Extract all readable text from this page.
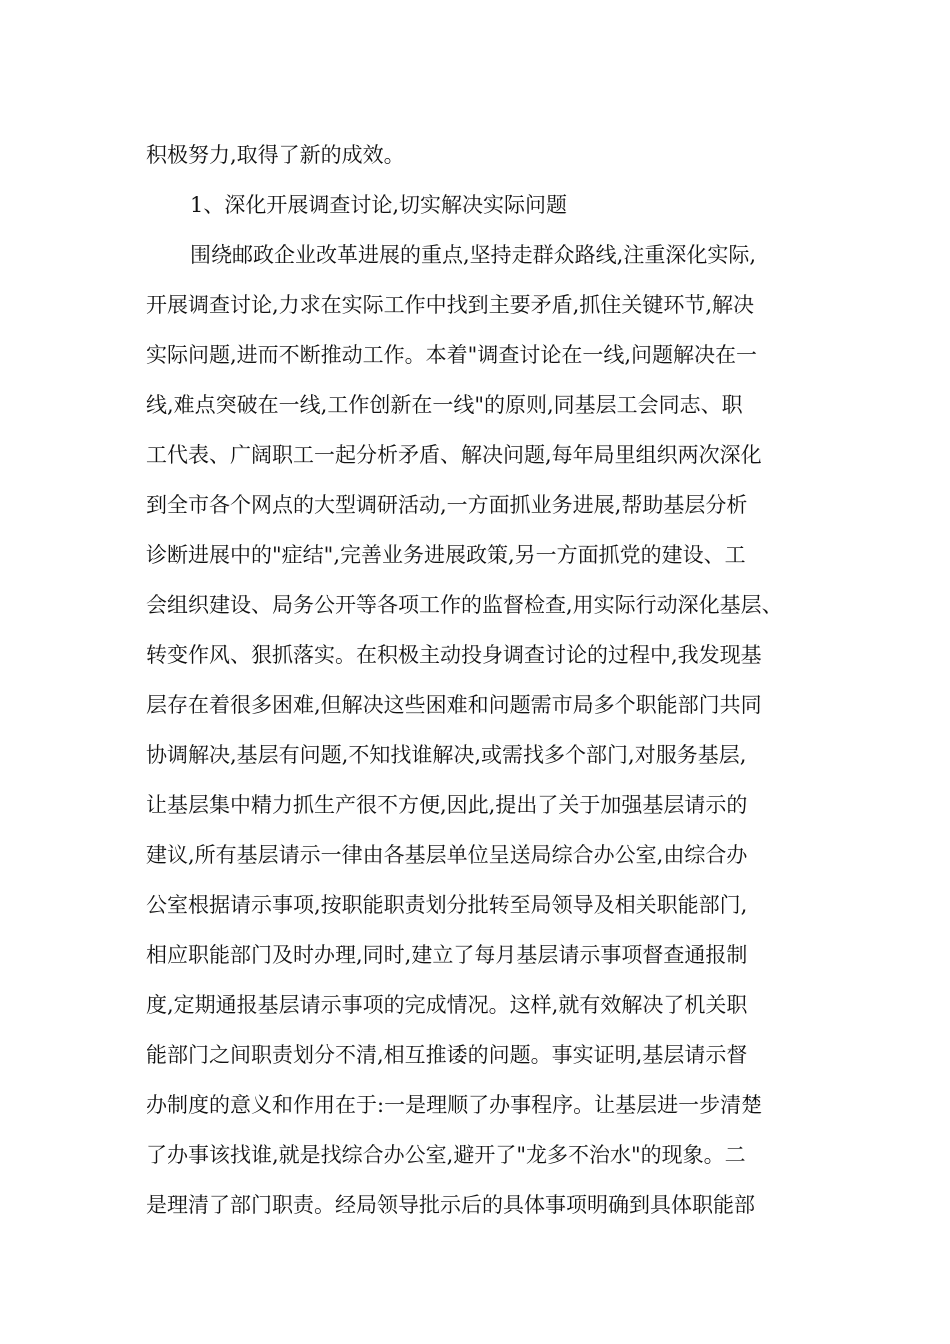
积极努力,取得了新的成效。
1、深化开展调查讨论,切实解决实际问题
围绕邮政企业改革进展的重点,坚持走群众路线,注重深化实际,
开展调查讨论,力求在实际工作中找到主要矛盾,抓住关键环节,解决
实际问题,进而不断推动工作。本着"调查讨论在一线,问题解决在一
线,难点突破在一线,工作创新在一线"的原则,同基层工会同志、职
工代表、广阔职工一起分析矛盾、解决问题,每年局里组织两次深化
到全市各个网点的大型调研活动,一方面抓业务进展,帮助基层分析
诊断进展中的"症结",完善业务进展政策,另一方面抓党的建设、工
会组织建设、局务公开等各项工作的监督检查,用实际行动深化基层、
转变作风、狠抓落实。在积极主动投身调查讨论的过程中,我发现基
层存在着很多困难,但解决这些困难和问题需市局多个职能部门共同
协调解决,基层有问题,不知找谁解决,或需找多个部门,对服务基层,
让基层集中精力抓生产很不方便,因此,提出了关于加强基层请示的
建议,所有基层请示一律由各基层单位呈送局综合办公室,由综合办
公室根据请示事项,按职能职责划分批转至局领导及相关职能部门,
相应职能部门及时办理,同时,建立了每月基层请示事项督查通报制
度,定期通报基层请示事项的完成情况。这样,就有效解决了机关职
能部门之间职责划分不清,相互推诿的问题。事实证明,基层请示督
办制度的意义和作用在于:一是理顺了办事程序。让基层进一步清楚
了办事该找谁,就是找综合办公室,避开了"龙多不治水"的现象。二
是理清了部门职责。经局领导批示后的具体事项明确到具体职能部
